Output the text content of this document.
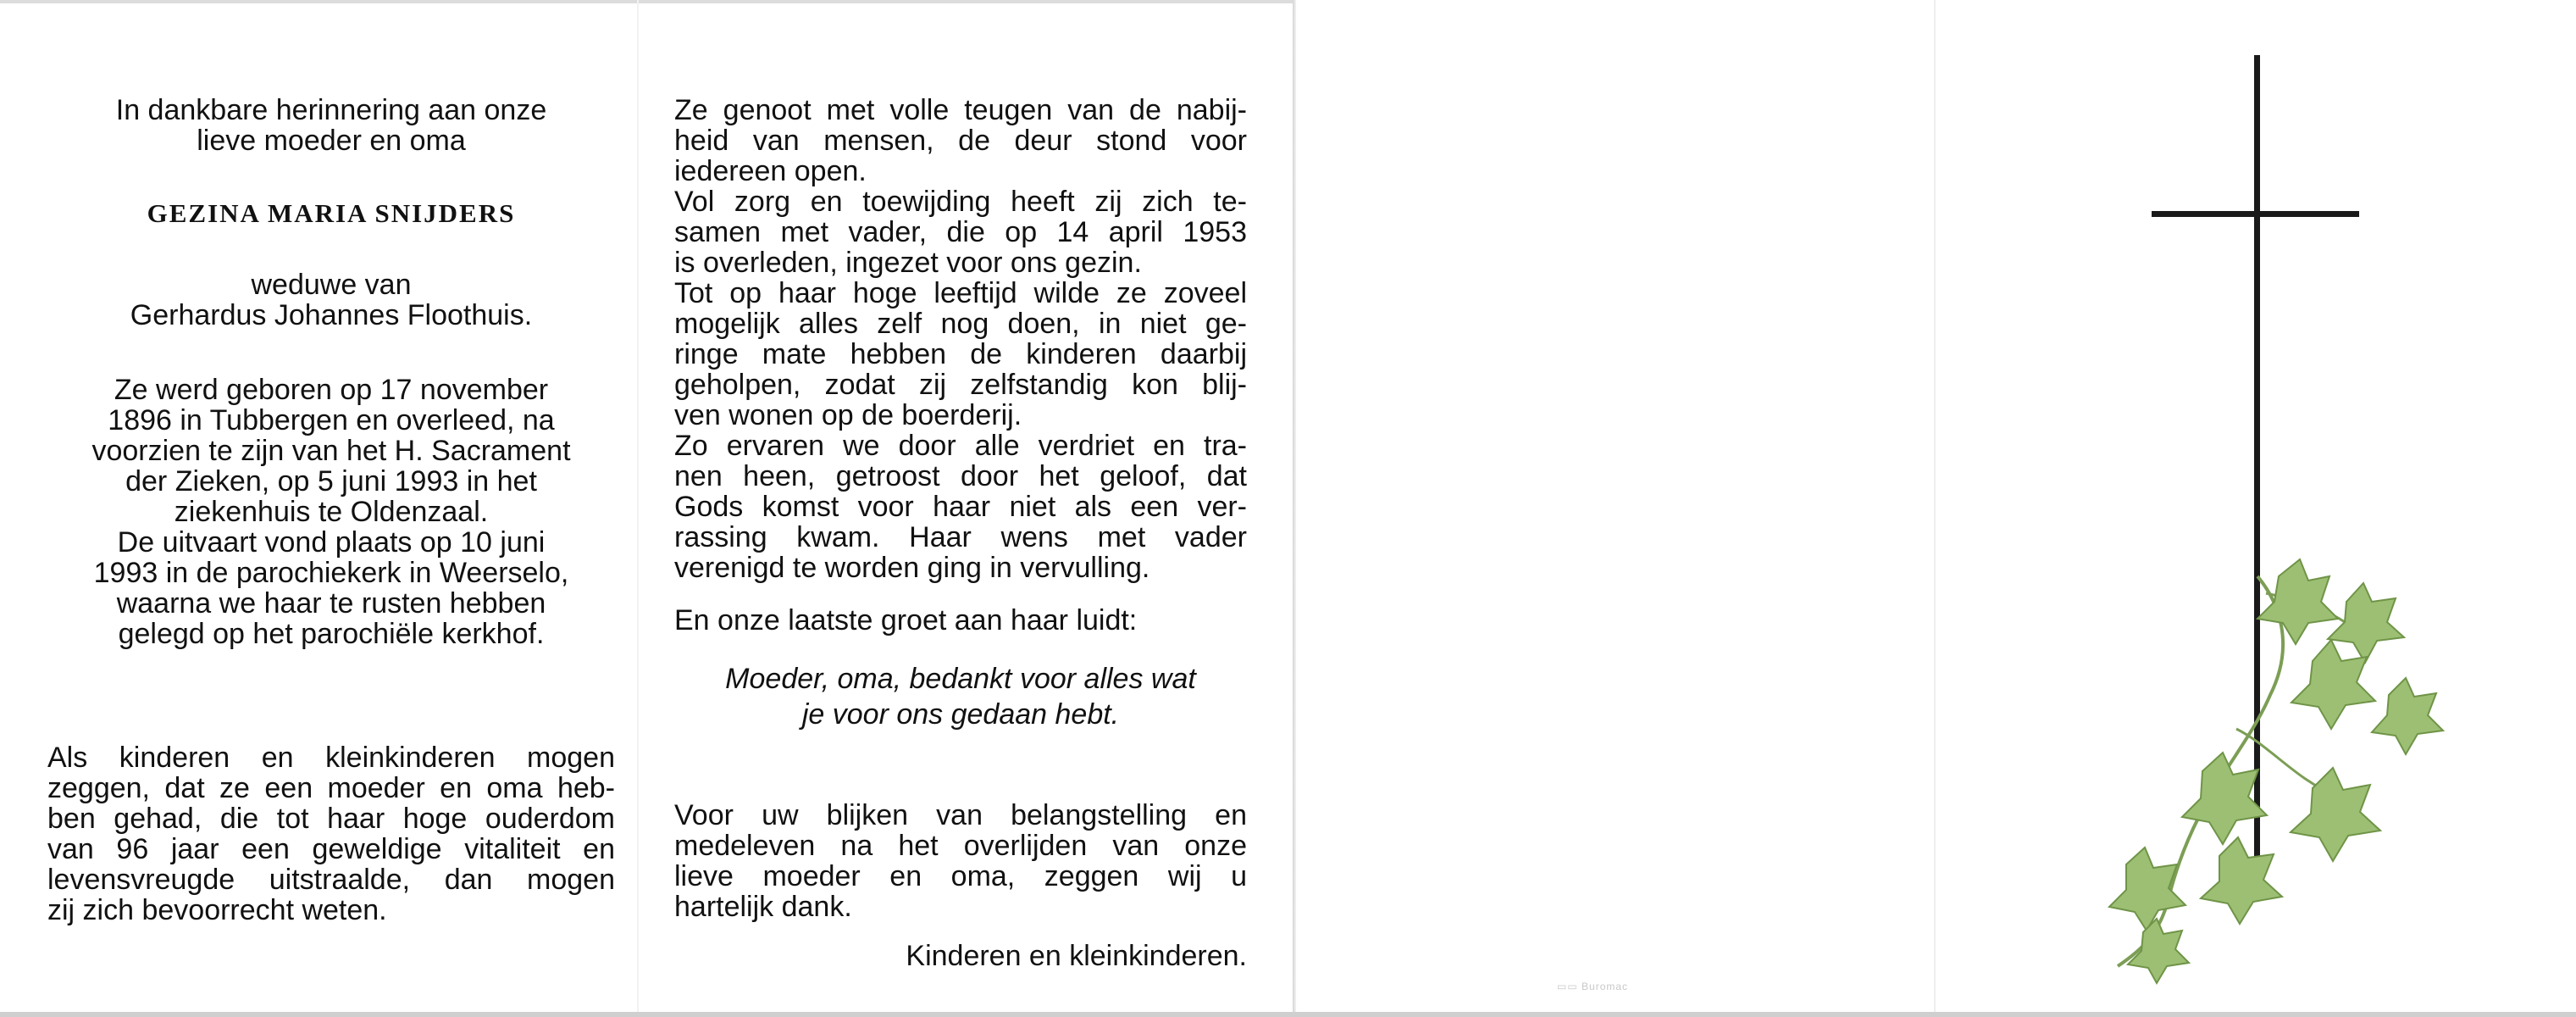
In dankbare herinnering aan onze
lieve moeder en oma
GEZINA MARIA SNIJDERS
weduwe van
Gerhardus Johannes Floothuis.
Ze werd geboren op 17 november
1896 in Tubbergen en overleed, na
voorzien te zijn van het H. Sacrament
der Zieken, op 5 juni 1993 in het
ziekenhuis te Oldenzaal.
De uitvaart vond plaats op 10 juni
1993 in de parochiekerk in Weerselo,
waarna we haar te rusten hebben
gelegd op het parochiële kerkhof.
Als kinderen en kleinkinderen mogen
zeggen, dat ze een moeder en oma heb-
ben gehad, die tot haar hoge ouderdom
van 96 jaar een geweldige vitaliteit en
levensvreugde uitstraalde, dan mogen
zij zich bevoorrecht weten.
Ze genoot met volle teugen van de nabij-
heid van mensen, de deur stond voor
iedereen open.
Vol zorg en toewijding heeft zij zich te-
samen met vader, die op 14 april 1953
is overleden, ingezet voor ons gezin.
Tot op haar hoge leeftijd wilde ze zoveel
mogelijk alles zelf nog doen, in niet ge-
ringe mate hebben de kinderen daarbij
geholpen, zodat zij zelfstandig kon blij-
ven wonen op de boerderij.
Zo ervaren we door alle verdriet en tra-
nen heen, getroost door het geloof, dat
Gods komst voor haar niet als een ver-
rassing kwam. Haar wens met vader
verenigd te worden ging in vervulling.
En onze laatste groet aan haar luidt:
Moeder, oma, bedankt voor alles wat
je voor ons gedaan hebt.
Voor uw blijken van belangstelling en
medeleven na het overlijden van onze
lieve moeder en oma, zeggen wij u
hartelijk dank.
Kinderen en kleinkinderen.
▭▭ Buromac
